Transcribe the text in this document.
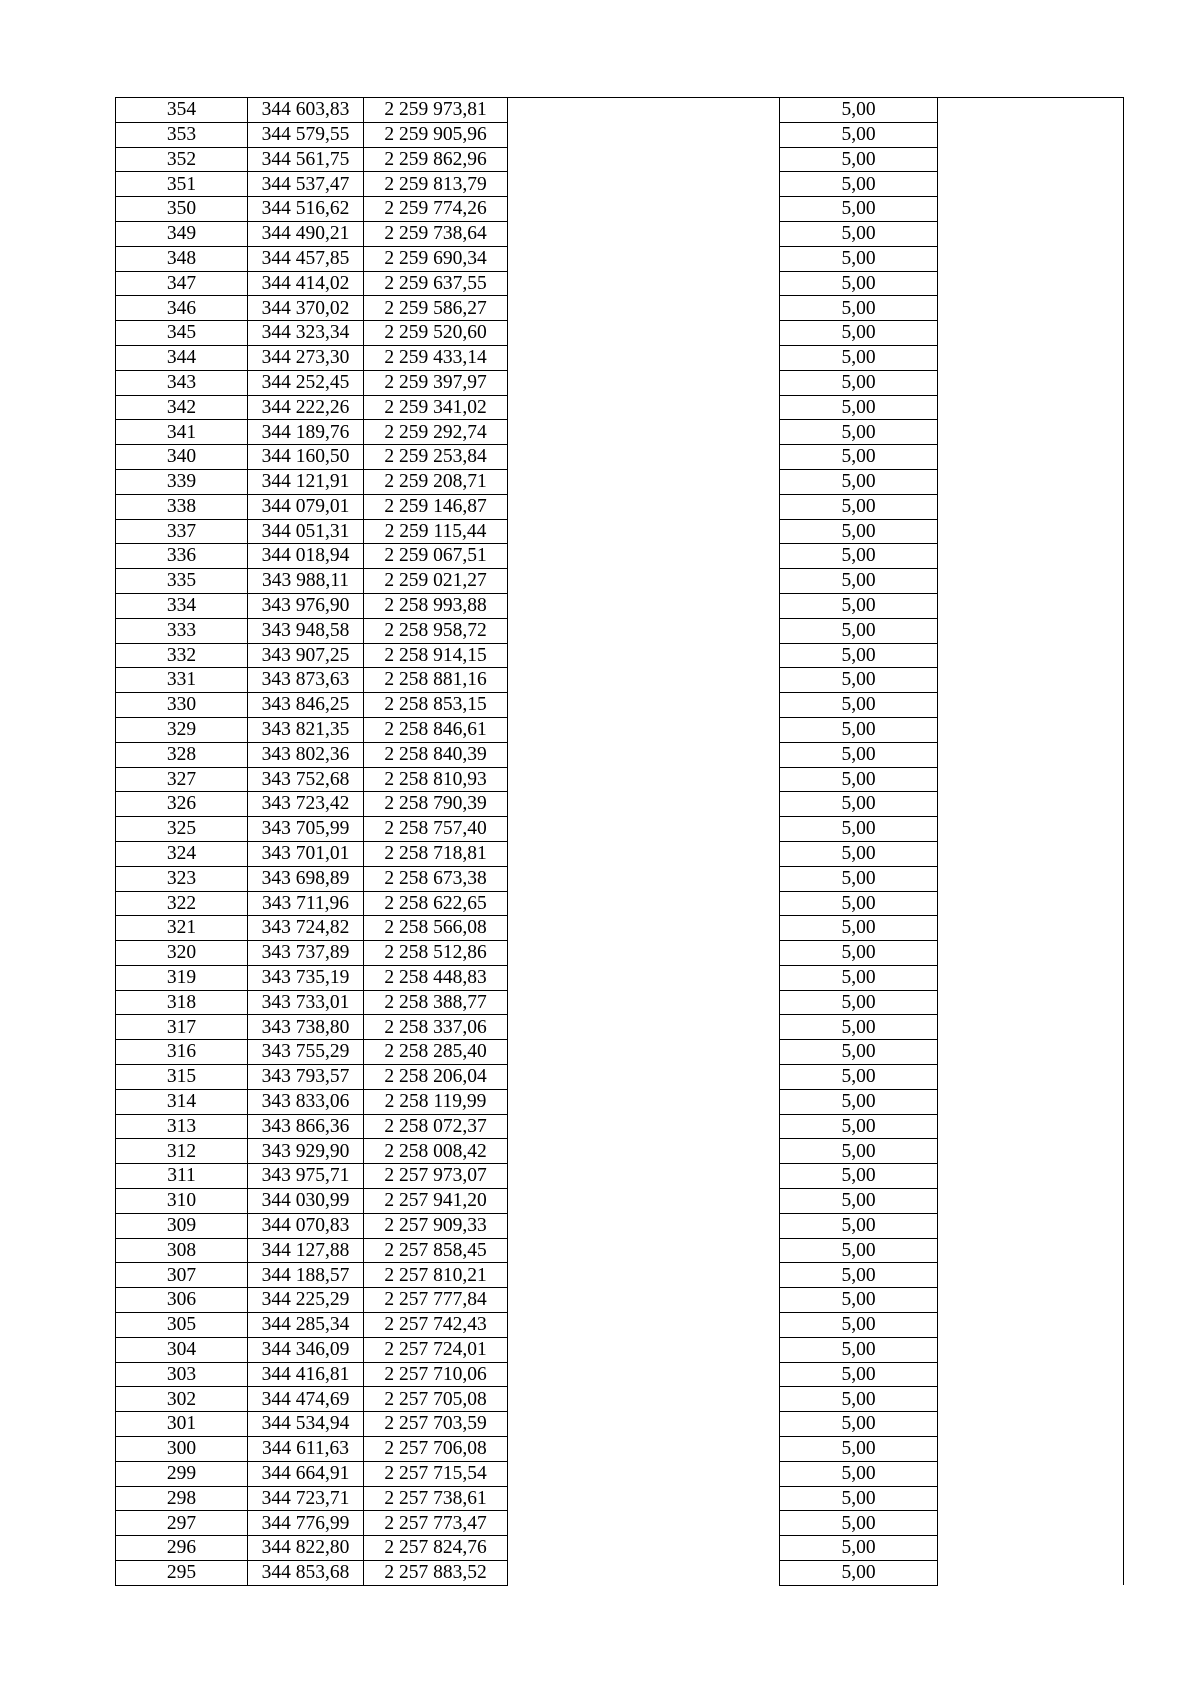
354	344 603,83	2 259 973,81		5,00	
353	344 579,55	2 259 905,96		5,00	
352	344 561,75	2 259 862,96		5,00	
351	344 537,47	2 259 813,79		5,00	
350	344 516,62	2 259 774,26		5,00	
349	344 490,21	2 259 738,64		5,00	
348	344 457,85	2 259 690,34		5,00	
347	344 414,02	2 259 637,55		5,00	
346	344 370,02	2 259 586,27		5,00	
345	344 323,34	2 259 520,60		5,00	
344	344 273,30	2 259 433,14		5,00	
343	344 252,45	2 259 397,97		5,00	
342	344 222,26	2 259 341,02		5,00	
341	344 189,76	2 259 292,74		5,00	
340	344 160,50	2 259 253,84		5,00	
339	344 121,91	2 259 208,71		5,00	
338	344 079,01	2 259 146,87		5,00	
337	344 051,31	2 259 115,44		5,00	
336	344 018,94	2 259 067,51		5,00	
335	343 988,11	2 259 021,27		5,00	
334	343 976,90	2 258 993,88		5,00	
333	343 948,58	2 258 958,72		5,00	
332	343 907,25	2 258 914,15		5,00	
331	343 873,63	2 258 881,16		5,00	
330	343 846,25	2 258 853,15		5,00	
329	343 821,35	2 258 846,61		5,00	
328	343 802,36	2 258 840,39		5,00	
327	343 752,68	2 258 810,93		5,00	
326	343 723,42	2 258 790,39		5,00	
325	343 705,99	2 258 757,40		5,00	
324	343 701,01	2 258 718,81		5,00	
323	343 698,89	2 258 673,38		5,00	
322	343 711,96	2 258 622,65		5,00	
321	343 724,82	2 258 566,08		5,00	
320	343 737,89	2 258 512,86		5,00	
319	343 735,19	2 258 448,83		5,00	
318	343 733,01	2 258 388,77		5,00	
317	343 738,80	2 258 337,06		5,00	
316	343 755,29	2 258 285,40		5,00	
315	343 793,57	2 258 206,04		5,00	
314	343 833,06	2 258 119,99		5,00	
313	343 866,36	2 258 072,37		5,00	
312	343 929,90	2 258 008,42		5,00	
311	343 975,71	2 257 973,07		5,00	
310	344 030,99	2 257 941,20		5,00	
309	344 070,83	2 257 909,33		5,00	
308	344 127,88	2 257 858,45		5,00	
307	344 188,57	2 257 810,21		5,00	
306	344 225,29	2 257 777,84		5,00	
305	344 285,34	2 257 742,43		5,00	
304	344 346,09	2 257 724,01		5,00	
303	344 416,81	2 257 710,06		5,00	
302	344 474,69	2 257 705,08		5,00	
301	344 534,94	2 257 703,59		5,00	
300	344 611,63	2 257 706,08		5,00	
299	344 664,91	2 257 715,54		5,00	
298	344 723,71	2 257 738,61		5,00	
297	344 776,99	2 257 773,47		5,00	
296	344 822,80	2 257 824,76		5,00	
295	344 853,68	2 257 883,52		5,00	
